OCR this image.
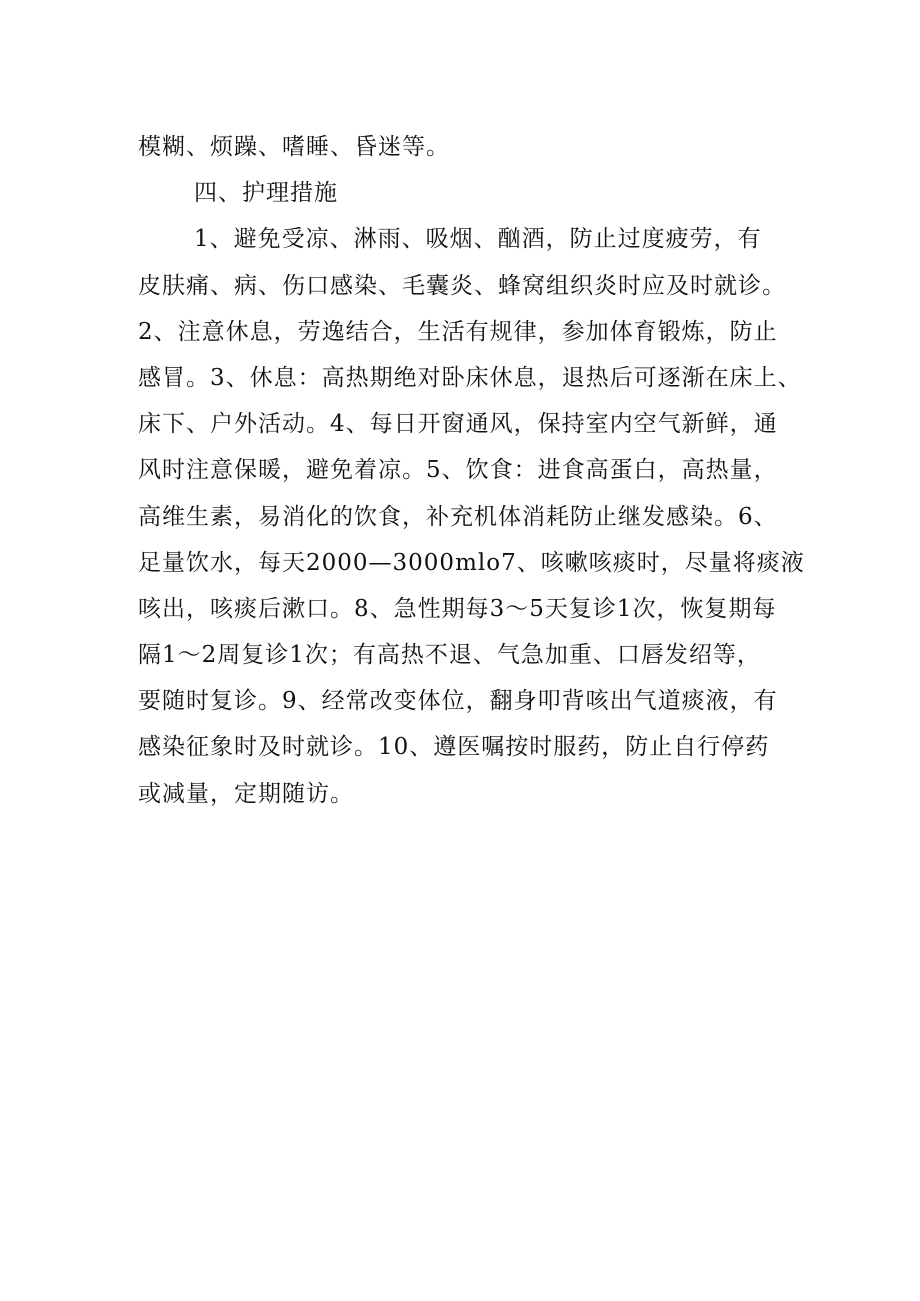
模糊、烦躁、嗜睡、昏迷等。

四、护理措施

1、避免受凉、淋雨、吸烟、酗酒，防止过度疲劳，有

皮肤痛、病、伤口感染、毛囊炎、蜂窝组织炎时应及时就诊。

2、注意休息，劳逸结合，生活有规律，参加体育锻炼，防止

感冒。3、休息：高热期绝对卧床休息，退热后可逐渐在床上、

床下、户外活动。4、每日开窗通风，保持室内空气新鲜，通

风时注意保暖，避免着凉。5、饮食：进食高蛋白，高热量，

高维生素，易消化的饮食，补充机体消耗防止继发感染。6、

足量饮水，每天2000—3000mlo7、咳嗽咳痰时，尽量将痰液

咳出，咳痰后漱口。8、急性期每3～5天复诊1次，恢复期每

隔1～2周复诊1次；有高热不退、气急加重、口唇发绍等，

要随时复诊。9、经常改变体位，翻身叩背咳出气道痰液，有

感染征象时及时就诊。10、遵医嘱按时服药，防止自行停药

或减量，定期随访。
